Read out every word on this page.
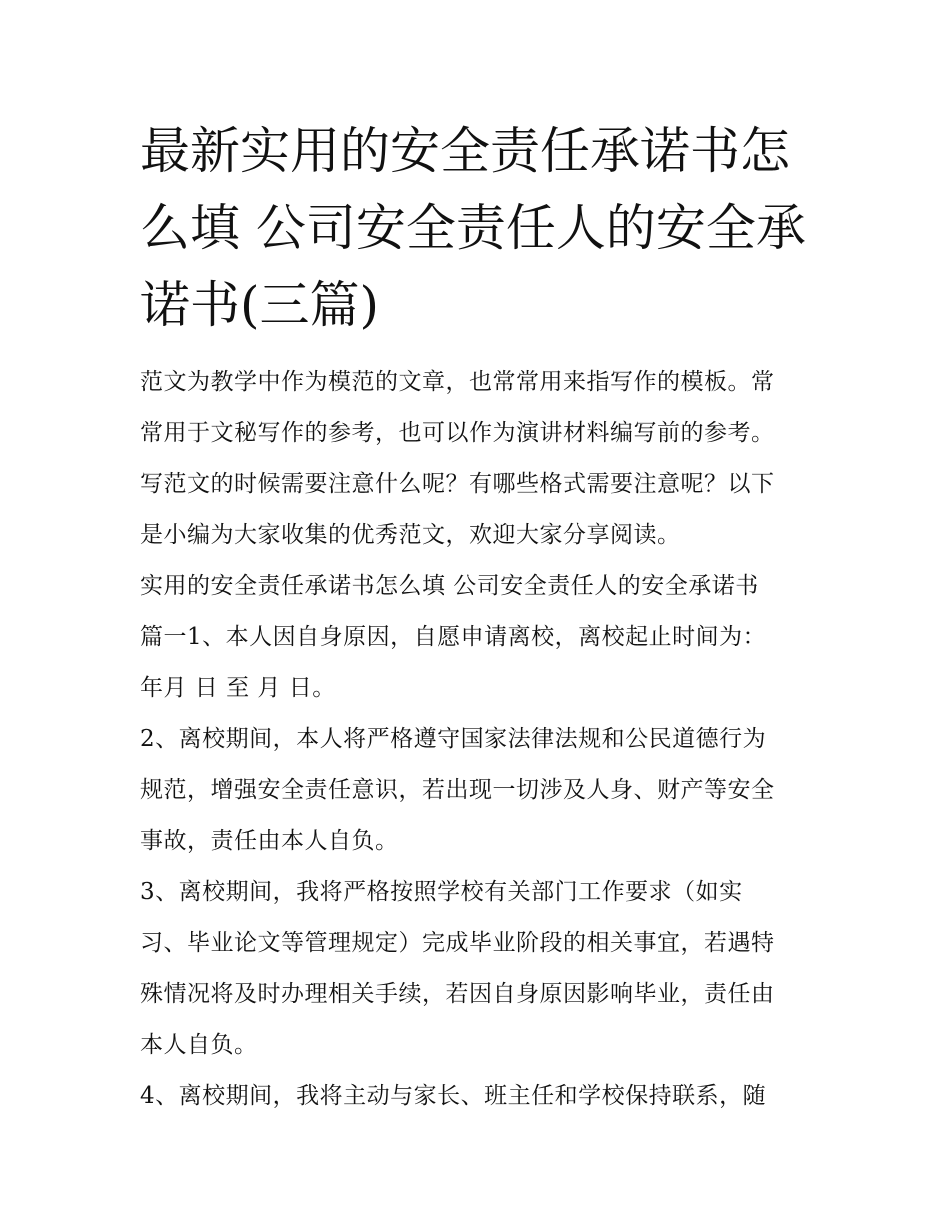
最新实用的安全责任承诺书怎
么填 公司安全责任人的安全承
诺书(三篇)
范文为教学中作为模范的文章，也常常用来指写作的模板。常
常用于文秘写作的参考，也可以作为演讲材料编写前的参考。
写范文的时候需要注意什么呢？有哪些格式需要注意呢？以下
是小编为大家收集的优秀范文，欢迎大家分享阅读。
实用的安全责任承诺书怎么填 公司安全责任人的安全承诺书
篇一1、本人因自身原因，自愿申请离校，离校起止时间为：
年月 日 至 月 日。
2、离校期间，本人将严格遵守国家法律法规和公民道德行为
规范，增强安全责任意识，若出现一切涉及人身、财产等安全
事故，责任由本人自负。
3、离校期间，我将严格按照学校有关部门工作要求（如实
习、毕业论文等管理规定）完成毕业阶段的相关事宜，若遇特
殊情况将及时办理相关手续，若因自身原因影响毕业，责任由
本人自负。
4、离校期间，我将主动与家长、班主任和学校保持联系，随
